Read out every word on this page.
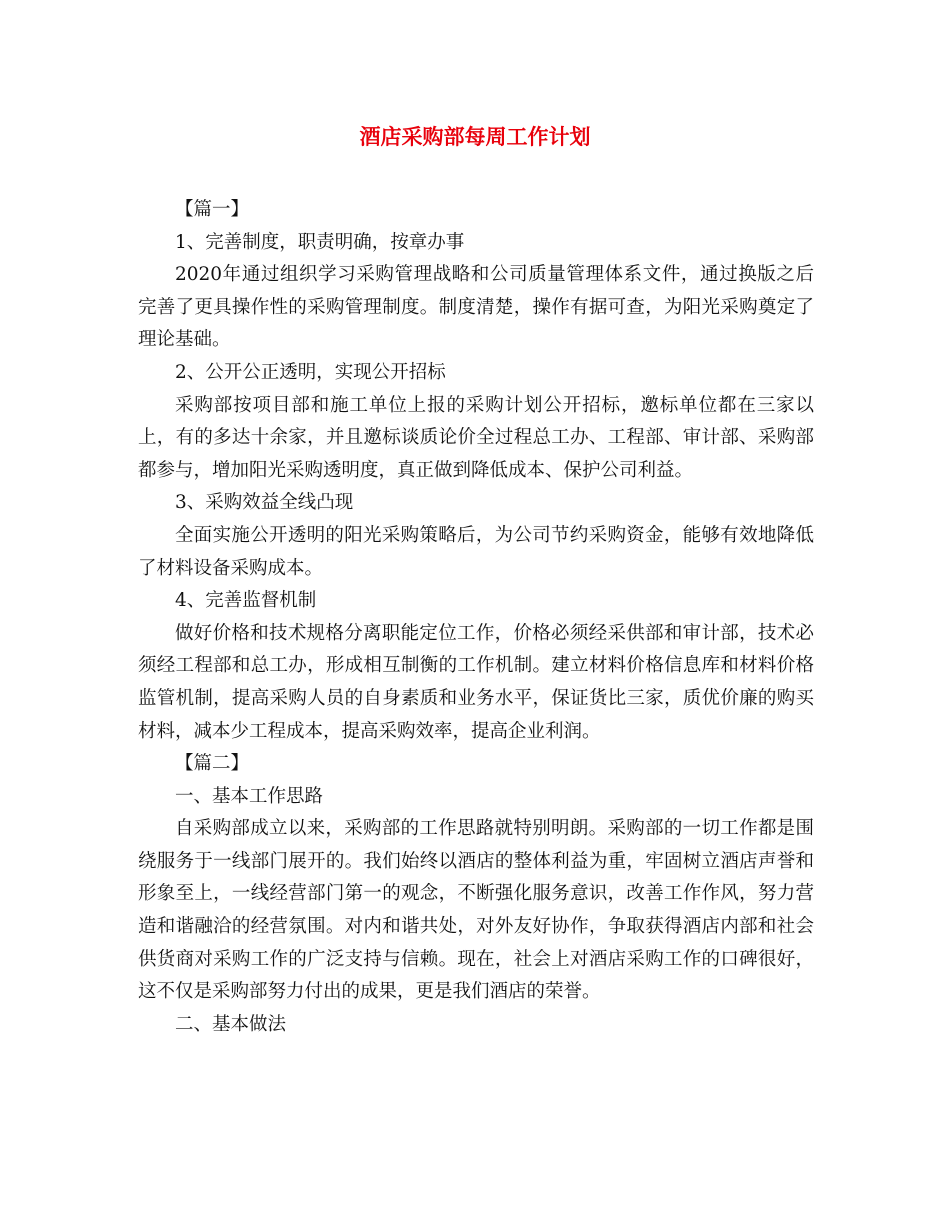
酒店采购部每周工作计划

【篇一】

1、完善制度，职责明确，按章办事

2020年通过组织学习采购管理战略和公司质量管理体系文件，通过换版之后完善了更具操作性的采购管理制度。制度清楚，操作有据可查，为阳光采购奠定了理论基础。

2、公开公正透明，实现公开招标

采购部按项目部和施工单位上报的采购计划公开招标，邀标单位都在三家以上，有的多达十余家，并且邀标谈质论价全过程总工办、工程部、审计部、采购部都参与，增加阳光采购透明度，真正做到降低成本、保护公司利益。

3、采购效益全线凸现

全面实施公开透明的阳光采购策略后，为公司节约采购资金，能够有效地降低了材料设备采购成本。

4、完善监督机制

做好价格和技术规格分离职能定位工作，价格必须经采供部和审计部，技术必须经工程部和总工办，形成相互制衡的工作机制。建立材料价格信息库和材料价格监管机制，提高采购人员的自身素质和业务水平，保证货比三家，质优价廉的购买材料，减本少工程成本，提高采购效率，提高企业利润。

【篇二】

一、基本工作思路

自采购部成立以来，采购部的工作思路就特别明朗。采购部的一切工作都是围绕服务于一线部门展开的。我们始终以酒店的整体利益为重，牢固树立酒店声誉和形象至上，一线经营部门第一的观念，不断强化服务意识，改善工作作风，努力营造和谐融洽的经营氛围。对内和谐共处，对外友好协作，争取获得酒店内部和社会供货商对采购工作的广泛支持与信赖。现在，社会上对酒店采购工作的口碑很好，这不仅是采购部努力付出的成果，更是我们酒店的荣誉。

二、基本做法
